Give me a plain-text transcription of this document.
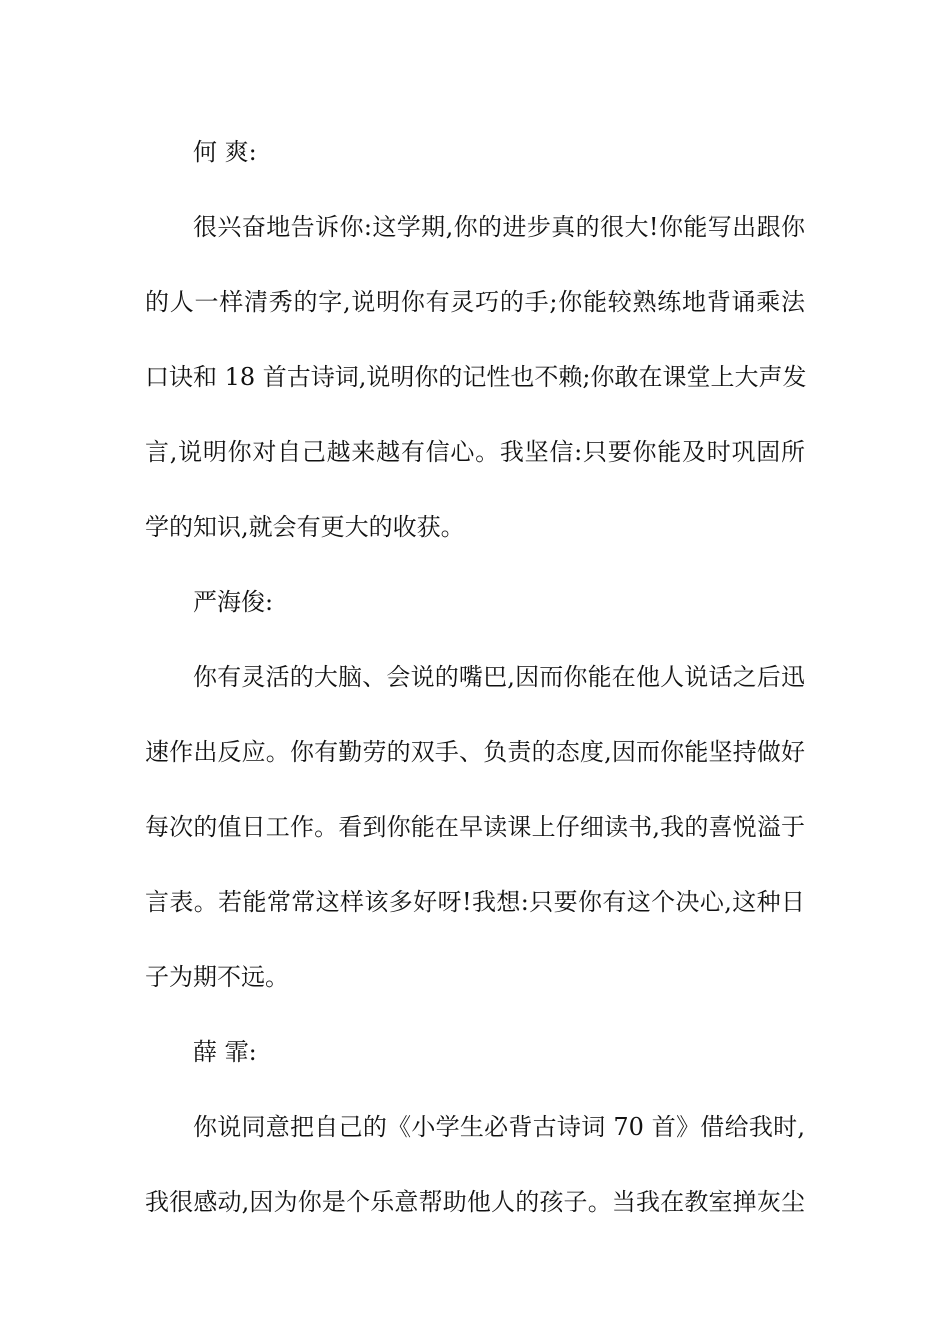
何 爽:
很兴奋地告诉你:这学期,你的进步真的很大!你能写出跟你
的人一样清秀的字,说明你有灵巧的手;你能较熟练地背诵乘法
口诀和 18 首古诗词,说明你的记性也不赖;你敢在课堂上大声发
言,说明你对自己越来越有信心。我坚信:只要你能及时巩固所
学的知识,就会有更大的收获。
严海俊:
你有灵活的大脑、会说的嘴巴,因而你能在他人说话之后迅
速作出反应。你有勤劳的双手、负责的态度,因而你能坚持做好
每次的值日工作。看到你能在早读课上仔细读书,我的喜悦溢于
言表。若能常常这样该多好呀!我想:只要你有这个决心,这种日
子为期不远。
薛 霏:
你说同意把自己的《小学生必背古诗词 70 首》借给我时,
我很感动,因为你是个乐意帮助他人的孩子。当我在教室掸灰尘
